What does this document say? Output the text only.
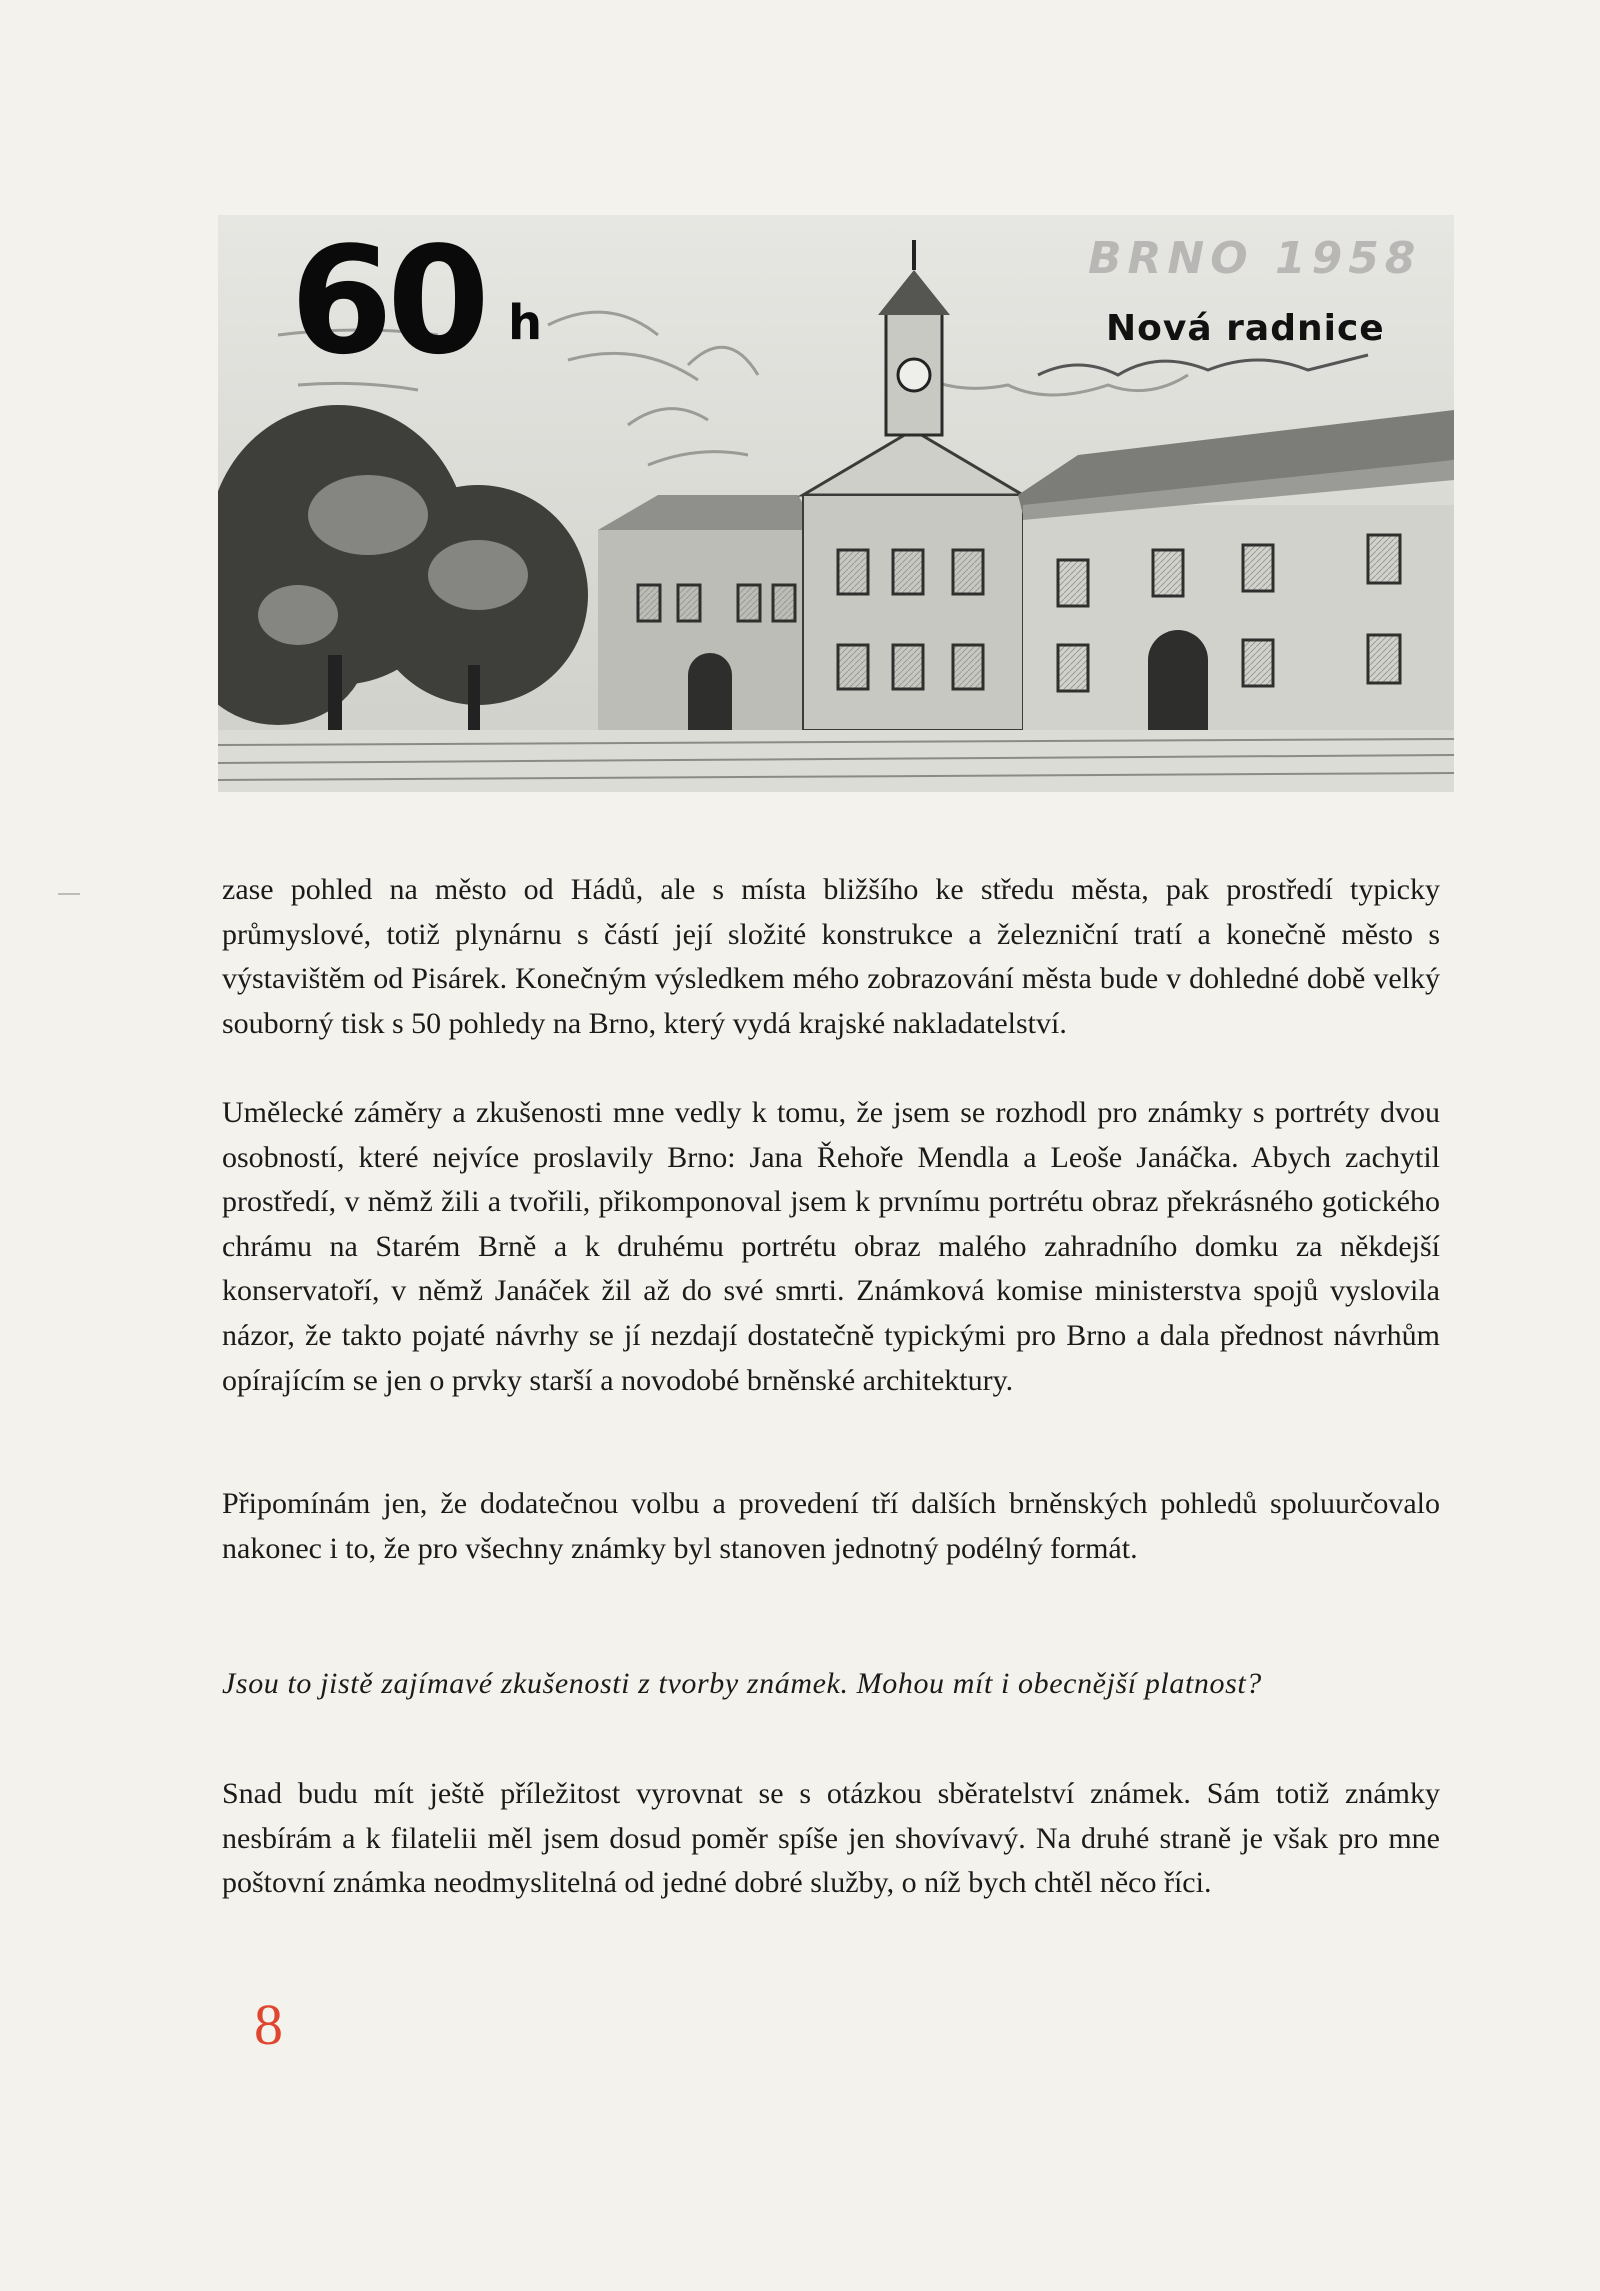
BRNO 1958
60 h	Nová radnice

zase pohled na město od Hádů, ale s místa bližšího ke středu města, pak prostředí typicky průmyslové, totiž plynárnu s částí její složité konstrukce a železniční tratí a konečně město s výstavištěm od Pisárek. Konečným výsledkem mého zobrazování města bude v dohledné době velký souborný tisk s 50 pohledy na Brno, který vydá krajské nakladatelství.

Umělecké záměry a zkušenosti mne vedly k tomu, že jsem se rozhodl pro známky s portréty dvou osobností, které nejvíce proslavily Brno: Jana Řehoře Mendla a Leoše Janáčka. Abych zachytil prostředí, v němž žili a tvořili, přikomponoval jsem k prvnímu portrétu obraz překrásného gotického chrámu na Starém Brně a k druhému portrétu obraz malého zahradního domku za někdejší konservatoří, v němž Janáček žil až do své smrti. Známková komise ministerstva spojů vyslovila názor, že takto pojaté návrhy se jí nezdají dostatečně typickými pro Brno a dala přednost návrhům opírajícím se jen o prvky starší a novodobé brněnské architektury.

Připomínám jen, že dodatečnou volbu a provedení tří dalších brněnských pohledů spoluurčovalo nakonec i to, že pro všechny známky byl stanoven jednotný podélný formát.

Jsou to jistě zajímavé zkušenosti z tvorby známek. Mohou mít i obecnější platnost?

Snad budu mít ještě příležitost vyrovnat se s otázkou sběratelství známek. Sám totiž známky nesbírám a k filatelii měl jsem dosud poměr spíše jen shovívavý. Na druhé straně je však pro mne poštovní známka neodmyslitelná od jedné dobré služby, o níž bych chtěl něco říci.

8
